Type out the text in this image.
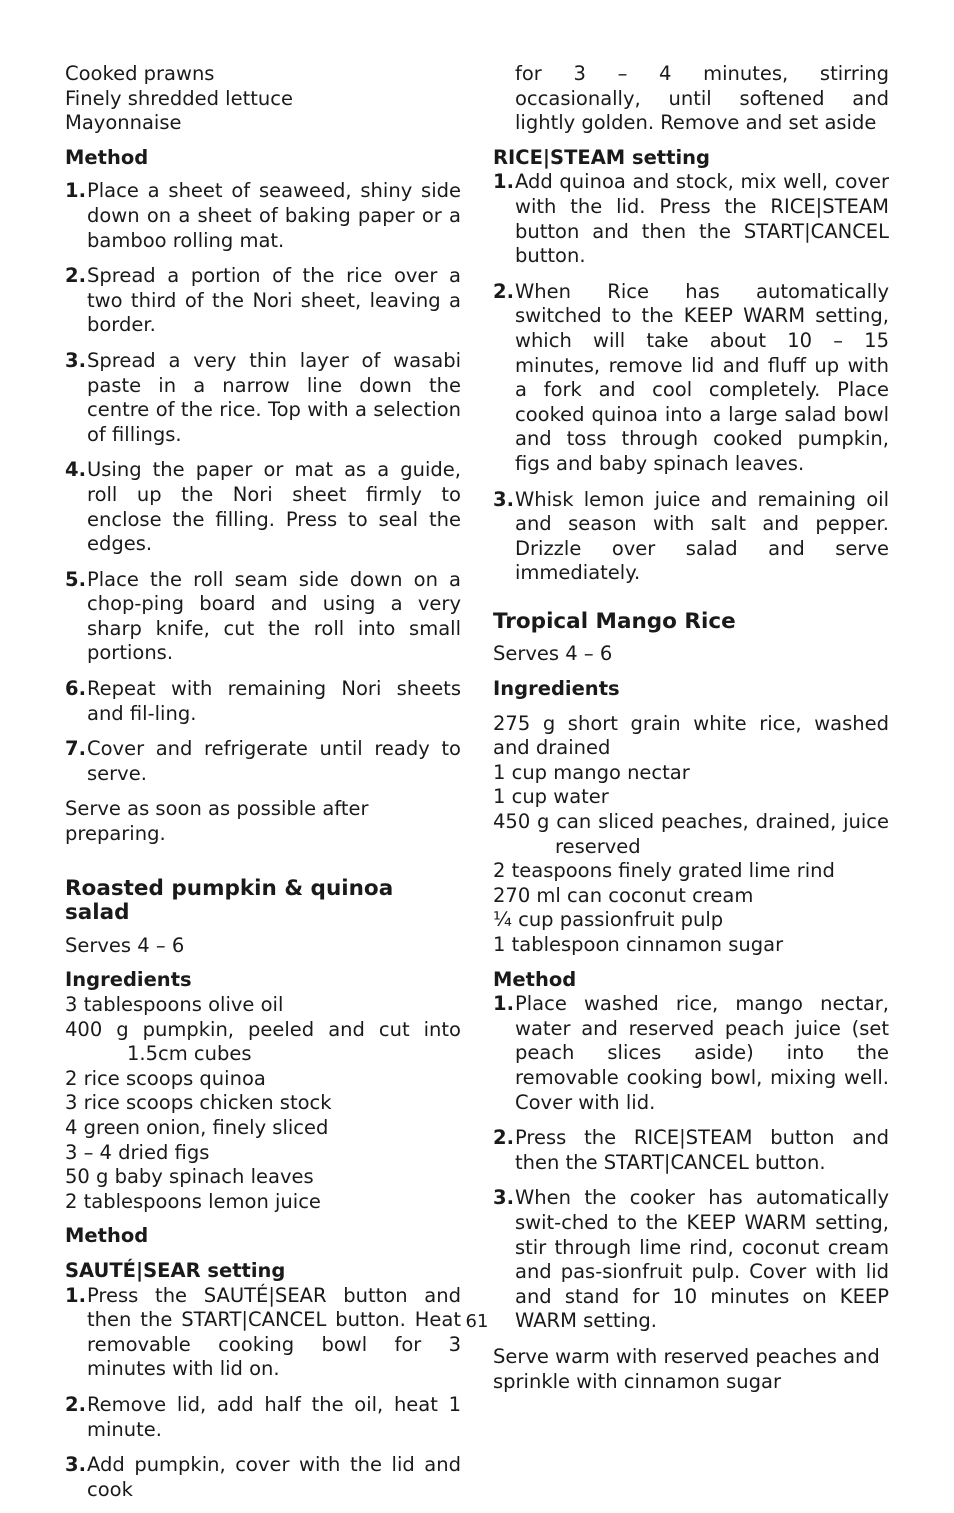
Cooked prawns

Finely shredded lettuce

Mayonnaise

Method

1. Place a sheet of seaweed, shiny side down on a sheet of baking paper or a bamboo rolling mat.
2. Spread a portion of the rice over a two third of the Nori sheet, leaving a border.
3. Spread a very thin layer of wasabi paste in a narrow line down the centre of the rice. Top with a selection of fillings.
4. Using the paper or mat as a guide, roll up the Nori sheet firmly to enclose the filling. Press to seal the edges.
5. Place the roll seam side down on a chop-ping board and using a very sharp knife, cut the roll into small portions.
6. Repeat with remaining Nori sheets and fil-ling.
7. Cover and refrigerate until ready to serve.

Serve as soon as possible after preparing.

Roasted pumpkin & quinoa salad

Serves 4 – 6

Ingredients

3 tablespoons olive oil

400 g pumpkin, peeled and cut into 1.5cm cubes

2 rice scoops quinoa

3 rice scoops chicken stock

4 green onion, finely sliced

3 – 4 dried figs

50 g baby spinach leaves

2 tablespoons lemon juice

Method

SAUTÉ|SEAR setting

1. Press the SAUTÉ|SEAR button and then the START|CANCEL button. Heat removable cooking bowl for 3 minutes with lid on.
2. Remove lid, add half the oil, heat 1 minute.
3. Add pumpkin, cover with the lid and cook

for 3 – 4 minutes, stirring occasionally, until softened and lightly golden. Remove and set aside

RICE|STEAM setting

1. Add quinoa and stock, mix well, cover with the lid. Press the RICE|STEAM button and then the START|CANCEL button.
2. When Rice has automatically switched to the KEEP WARM setting, which will take about 10 – 15 minutes, remove lid and fluff up with a fork and cool completely. Place cooked quinoa into a large salad bowl and toss through cooked pumpkin, figs and baby spinach leaves.
3. Whisk lemon juice and remaining oil and season with salt and pepper. Drizzle over salad and serve immediately.

Tropical Mango Rice

Serves 4 – 6

Ingredients

275 g short grain white rice, washed and drained

1 cup mango nectar

1 cup water

450 g can sliced peaches, drained, juice reserved

2 teaspoons finely grated lime rind

270 ml can coconut cream

¼ cup passionfruit pulp

1 tablespoon cinnamon sugar

Method

1. Place washed rice, mango nectar, water and reserved peach juice (set peach slices aside) into the removable cooking bowl, mixing well. Cover with lid.
2. Press the RICE|STEAM button and then the START|CANCEL button.
3. When the cooker has automatically swit-ched to the KEEP WARM setting, stir through lime rind, coconut cream and pas-sionfruit pulp. Cover with lid and stand for 10 minutes on KEEP WARM setting.

Serve warm with reserved peaches and sprinkle with cinnamon sugar

61
